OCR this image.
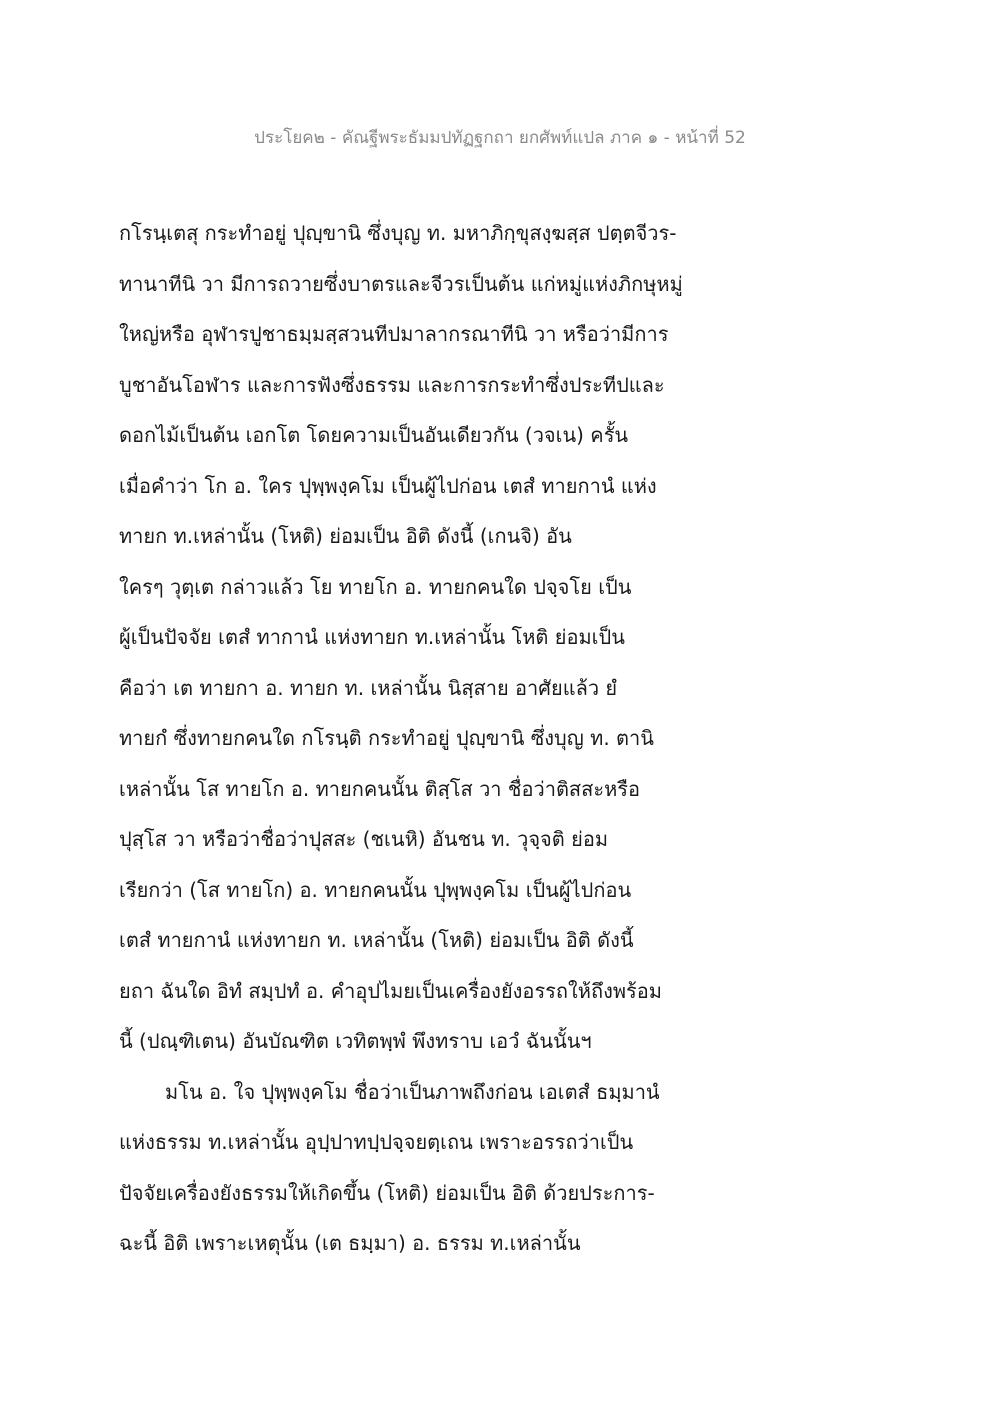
ประโยค๒ - คัณฐีพระธัมมปทัฏฐกถา ยกศัพท์แปล ภาค ๑ - หน้าที่ 52
กโรนฺเตสุ กระทำอยู่ ปุญฺขานิ ซึ่งบุญ ท. มหาภิกฺขุสงฺฆสฺส ปตฺตจีวร-
ทานาทีนิ วา มีการถวายซึ่งบาตรและจีวรเป็นต้น แก่หมู่แห่งภิกษุหมู่
ใหญ่หรือ อุฬารปูชาธมฺมสฺสวนทีปมาลากรณาทีนิ วา หรือว่ามีการ
บูชาอันโอฬาร และการฟังซึ่งธรรม และการกระทำซึ่งประทีปและ
ดอกไม้เป็นต้น เอกโต โดยความเป็นอันเดียวกัน (วจเน) ครั้น
เมื่อคำว่า โก อ. ใคร ปุพฺพงฺคโม เป็นผู้ไปก่อน เตสํ ทายกานํ แห่ง
ทายก ท.เหล่านั้น (โหติ) ย่อมเป็น อิติ ดังนี้ (เกนจิ) อัน
ใครๆ วุตฺเต กล่าวแล้ว โย ทายโก อ. ทายกคนใด ปจฺจโย เป็น
ผู้เป็นปัจจัย เตสํ ทากานํ แห่งทายก ท.เหล่านั้น โหติ ย่อมเป็น
คือว่า เต ทายกา อ. ทายก ท. เหล่านั้น นิสฺสาย อาศัยแล้ว ยํ
ทายกํ ซึ่งทายกคนใด กโรนฺติ กระทำอยู่ ปุญฺขานิ ซึ่งบุญ ท. ตานิ
เหล่านั้น โส ทายโก อ. ทายกคนนั้น ติสฺโส วา ชื่อว่าติสสะหรือ
ปุสฺโส วา หรือว่าชื่อว่าปุสสะ (ชเนหิ) อันชน ท. วุจฺจติ ย่อม
เรียกว่า (โส ทายโก) อ. ทายกคนนั้น ปุพฺพงฺคโม เป็นผู้ไปก่อน
เตสํ ทายกานํ แห่งทายก ท. เหล่านั้น (โหติ) ย่อมเป็น อิติ ดังนี้
ยถา ฉันใด อิทํ สมฺปทํ อ. คำอุปไมยเป็นเครื่องยังอรรถให้ถึงพร้อม
นี้ (ปณฺฑิเตน) อันบัณฑิต เวทิตพฺพํ พึงทราบ เอวํ ฉันนั้นฯ
มโน อ. ใจ ปุพฺพงฺคโม ชื่อว่าเป็นภาพถึงก่อน เอเตสํ ธมฺมานํ
แห่งธรรม ท.เหล่านั้น อุปฺปาทปฺปจฺจยตฺเถน เพราะอรรถว่าเป็น
ปัจจัยเครื่องยังธรรมให้เกิดขึ้น (โหติ) ย่อมเป็น อิติ ด้วยประการ-
ฉะนี้ อิติ เพราะเหตุนั้น (เต ธมฺมา) อ. ธรรม ท.เหล่านั้น
